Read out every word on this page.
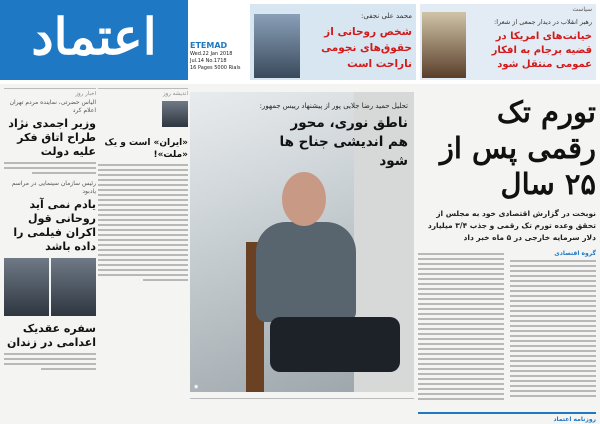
اعتماد	ETEMAD
Wed.22 Jan 2018
Jul.14 No.1718
16 Pages 5000 Rials
محمد علی نجفی:
شخص روحانی از حقوق‌های نجومی ناراحت است
سیاست
رهبر انقلاب در دیدار جمعی از شعرا:
خیانت‌های امریکا در قضیه برجام به افکار عمومی منتقل شود
اخبار روز
الیاس حضرتی، نماینده مردم تهران اعلام کرد
وزیر اجمدی نژاد طراح اتاق فکر علیه دولت
رئیس سازمان سینمایی در مراسم یادبود
یادم نمی آید روحانی قول اکران فیلمی را داده باشد
سفره عقدیک اعدامی در زندان
اندیشه روز
«ایران» است و یک «ملت»!
تحلیل حمید رضا جلایی پور از پیشنهاد رییس جمهور:
ناطق نوری، محور هم اندیشی جناح ها شود
◉

تورم تک رقمی پس از ۲۵ سال
نوبخت در گزارش اقتصادی خود به مجلس از تحقق وعده تورم تک رقمی و جذب ۳/۴ میلیارد دلار سرمایه خارجی در ۵ ماه خبر داد
گروه اقتصادی
روزنامه اعتماد
